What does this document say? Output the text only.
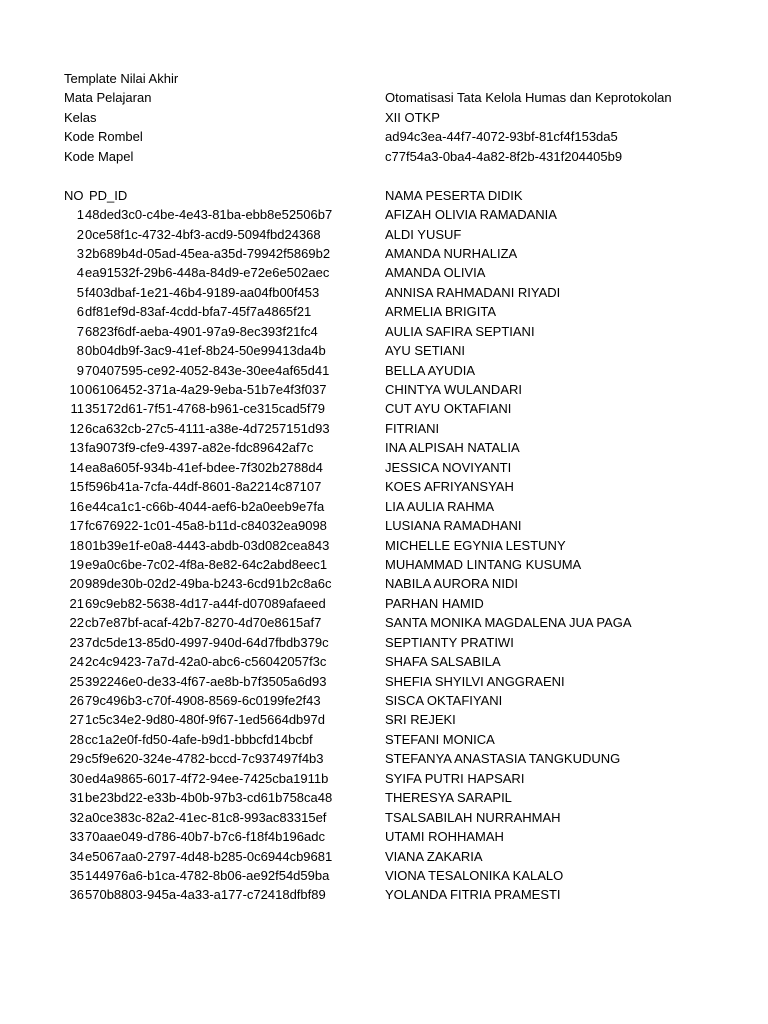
Template Nilai Akhir
Mata Pelajaran	Otomatisasi Tata Kelola Humas dan Keprotokolan
Kelas	XII OTKP
Kode Rombel	ad94c3ea-44f7-4072-93bf-81cf4f153da5
Kode Mapel	c77f54a3-0ba4-4a82-8f2b-431f204405b9
NO PD_ID	NAMA PESERTA DIDIK
1 48ded3c0-c4be-4e43-81ba-ebb8e52506b7	AFIZAH OLIVIA RAMADANIA
2 0ce58f1c-4732-4bf3-acd9-5094fbd24368	ALDI YUSUF
3 2b689b4d-05ad-45ea-a35d-79942f5869b2	AMANDA NURHALIZA
4 ea91532f-29b6-448a-84d9-e72e6e502aec	AMANDA OLIVIA
5 f403dbaf-1e21-46b4-9189-aa04fb00f453	ANNISA RAHMADANI RIYADI
6 df81ef9d-83af-4cdd-bfa7-45f7a4865f21	ARMELIA BRIGITA
7 6823f6df-aeba-4901-97a9-8ec393f21fc4	AULIA SAFIRA SEPTIANI
8 0b04db9f-3ac9-41ef-8b24-50e99413da4b	AYU SETIANI
9 70407595-ce92-4052-843e-30ee4af65d41	BELLA AYUDIA
10 06106452-371a-4a29-9eba-51b7e4f3f037	CHINTYA WULANDARI
11 35172d61-7f51-4768-b961-ce315cad5f79	CUT AYU OKTAFIANI
12 6ca632cb-27c5-4111-a38e-4d7257151d93	FITRIANI
13 fa9073f9-cfe9-4397-a82e-fdc89642af7c	INA ALPISAH NATALIA
14 ea8a605f-934b-41ef-bdee-7f302b2788d4	JESSICA NOVIYANTI
15 f596b41a-7cfa-44df-8601-8a2214c87107	KOES AFRIYANSYAH
16 e44ca1c1-c66b-4044-aef6-b2a0eeb9e7fa	LIA AULIA RAHMA
17 fc676922-1c01-45a8-b11d-c84032ea9098	LUSIANA RAMADHANI
18 01b39e1f-e0a8-4443-abdb-03d082cea843	MICHELLE EGYNIA LESTUNY
19 e9a0c6be-7c02-4f8a-8e82-64c2abd8eec1	MUHAMMAD LINTANG KUSUMA
20 989de30b-02d2-49ba-b243-6cd91b2c8a6c	NABILA AURORA NIDI
21 69c9eb82-5638-4d17-a44f-d07089afaeed	PARHAN HAMID
22 cb7e87bf-acaf-42b7-8270-4d70e8615af7	SANTA MONIKA MAGDALENA JUA PAGA
23 7dc5de13-85d0-4997-940d-64d7fbdb379c	SEPTIANTY PRATIWI
24 2c4c9423-7a7d-42a0-abc6-c56042057f3c	SHAFA SALSABILA
25 392246e0-de33-4f67-ae8b-b7f3505a6d93	SHEFIA SHYILVI ANGGRAENI
26 79c496b3-c70f-4908-8569-6c0199fe2f43	SISCA OKTAFIYANI
27 1c5c34e2-9d80-480f-9f67-1ed5664db97d	SRI REJEKI
28 cc1a2e0f-fd50-4afe-b9d1-bbbcfd14bcbf	STEFANI MONICA
29 c5f9e620-324e-4782-bccd-7c937497f4b3	STEFANYA ANASTASIA TANGKUDUNG
30 ed4a9865-6017-4f72-94ee-7425cba1911b	SYIFA PUTRI HAPSARI
31 be23bd22-e33b-4b0b-97b3-cd61b758ca48	THERESYA SARAPIL
32 a0ce383c-82a2-41ec-81c8-993ac83315ef	TSALSABILAH NURRAHMAH
33 70aae049-d786-40b7-b7c6-f18f4b196adc	UTAMI ROHHAMAH
34 e5067aa0-2797-4d48-b285-0c6944cb9681	VIANA ZAKARIA
35 144976a6-b1ca-4782-8b06-ae92f54d59ba	VIONA TESALONIKA KALALO
36 570b8803-945a-4a33-a177-c72418dfbf89	YOLANDA FITRIA PRAMESTI
